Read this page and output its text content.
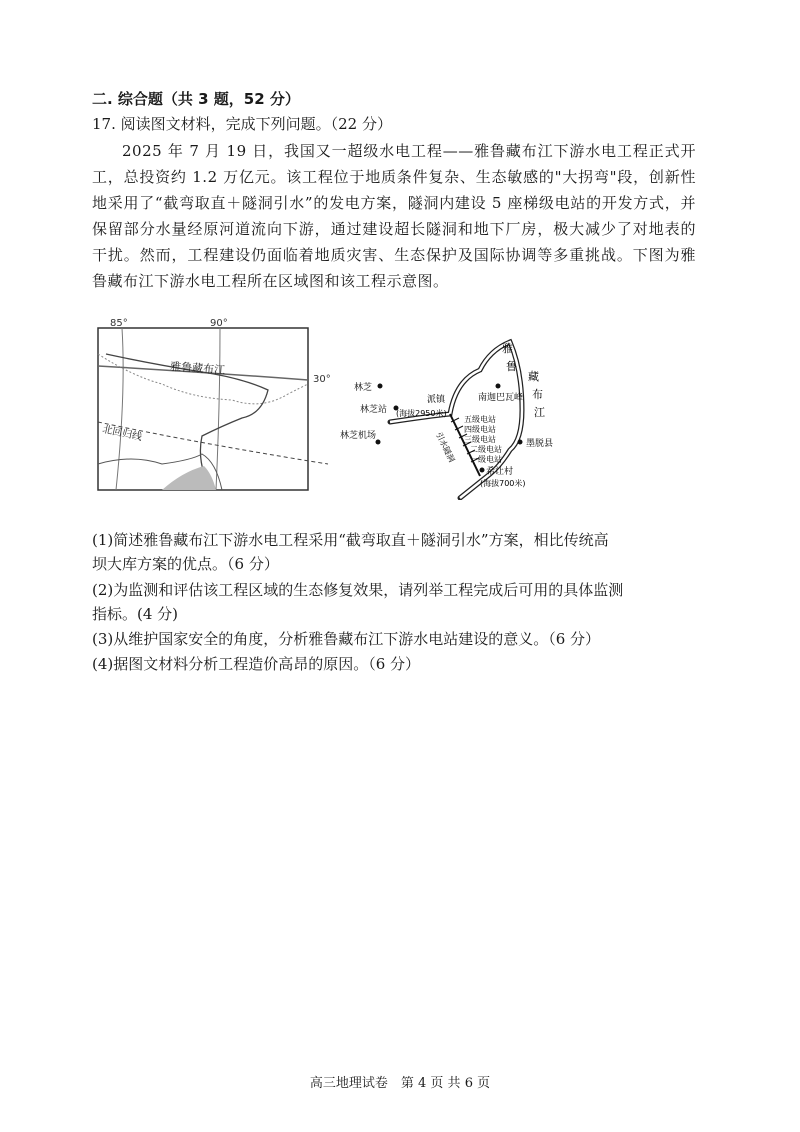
二. 综合题（共 3 题，52 分）
17. 阅读图文材料，完成下列问题。（22 分）
2025 年 7 月 19 日，我国又一超级水电工程——雅鲁藏布江下游水电工程正式开工，总投资约 1.2 万亿元。该工程位于地质条件复杂、生态敏感的"大拐弯"段，创新性地采用了“截弯取直＋隧洞引水”的发电方案，隧洞内建设 5 座梯级电站的开发方式，并保留部分水量经原河道流向下游，通过建设超长隧洞和地下厂房，极大减少了对地表的干扰。然而，工程建设仍面临着地质灾害、生态保护及国际协调等多重挑战。下图为雅鲁藏布江下游水电工程所在区域图和该工程示意图。
85°	90°
30°
雅鲁藏布江
北回归线
雅
鲁
藏
布
江
林芝
林芝站
林芝机场
派镇
(海拔2950米)
南迦巴瓦峰
五级电站
四级电站
三级电站
二级电站
一级电站
引水隧洞	墨脱县
希让村
(海拔700米)
(1)简述雅鲁藏布江下游水电工程采用“截弯取直＋隧洞引水”方案，相比传统高
坝大库方案的优点。（6 分）
(2)为监测和评估该工程区域的生态修复效果，请列举工程完成后可用的具体监测
指标。(4 分)
(3)从维护国家安全的角度，分析雅鲁藏布江下游水电站建设的意义。（6 分）
(4)据图文材料分析工程造价高昂的原因。（6 分）
高三地理试卷　第 4 页 共 6 页
